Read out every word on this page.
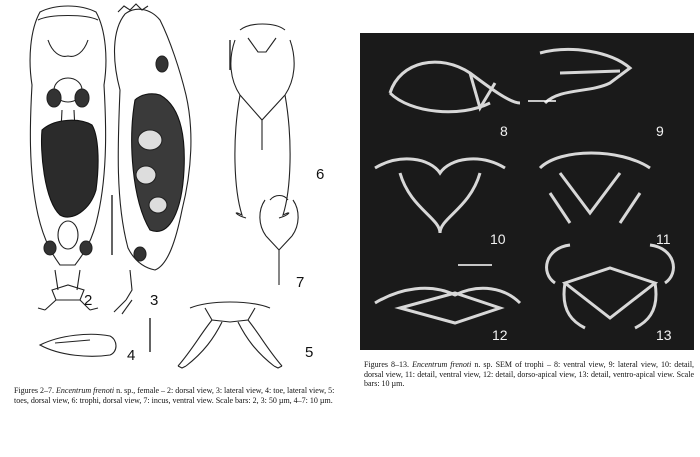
2	3
4	5
6
7
Figures 2–7. Encentrum frenoti n. sp., female – 2: dorsal view, 3: lateral view, 4: toe, lateral view, 5: toes, dorsal view, 6: trophi, dorsal view, 7: incus, ventral view. Scale bars: 2, 3: 50 µm, 4–7: 10 µm.
8	9
10	11
12	13
Figures 8–13. Encentrum frenoti n. sp. SEM of trophi – 8: ventral view, 9: lateral view, 10: detail, dorsal view, 11: detail, ventral view, 12: detail, dorso-apical view, 13: detail, ventro-apical view. Scale bars: 10 µm.
